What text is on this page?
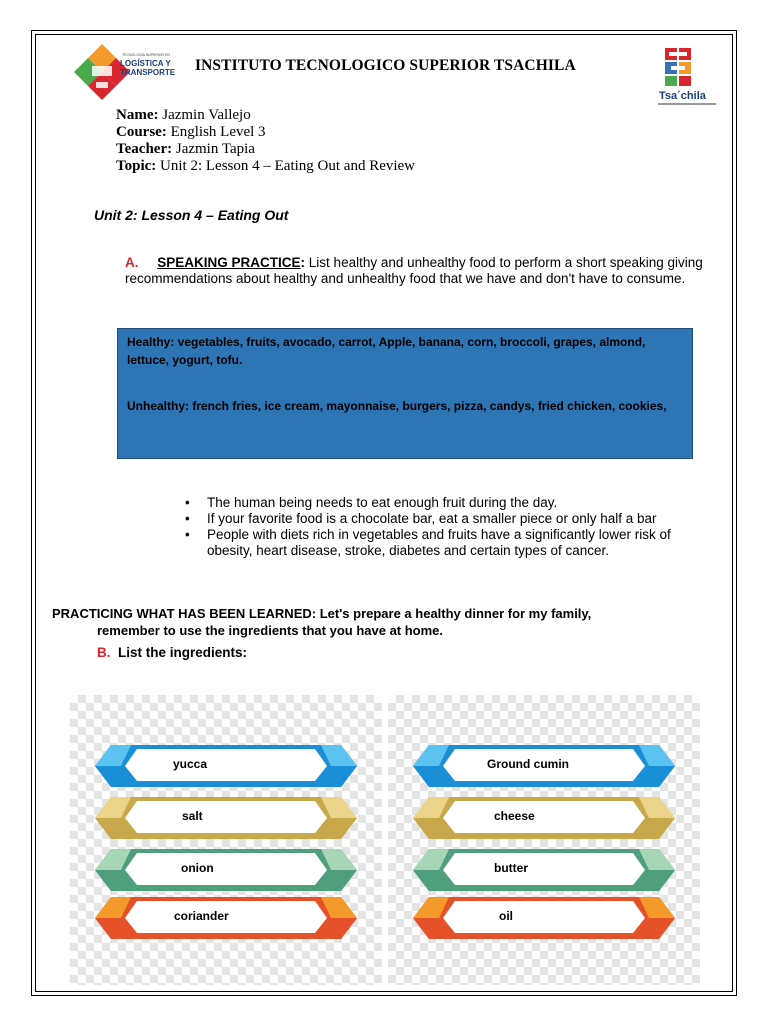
TECNOLOGÍA SUPERIOR EN
LOGÍSTICA Y
TRANSPORTE INSTITUTO TECNOLOGICO SUPERIOR TSACHILA
Tsa´chila
Name: Jazmin Vallejo
Course: English Level 3
Teacher: Jazmin Tapia
Topic: Unit 2: Lesson 4 – Eating Out and Review
Unit 2: Lesson 4 – Eating Out
A. SPEAKING PRACTICE: List healthy and unhealthy food to perform a short speaking giving recommendations about healthy and unhealthy food that we have and don't have to consume.

Healthy: vegetables, fruits, avocado, carrot, Apple, banana, corn, broccoli, grapes, almond, lettuce, yogurt, tofu.

Unhealthy: french fries, ice cream, mayonnaise, burgers, pizza, candys, fried chicken, cookies,

• The human being needs to eat enough fruit during the day.
• If your favorite food is a chocolate bar, eat a smaller piece or only half a bar
• People with diets rich in vegetables and fruits have a significantly lower risk of obesity, heart disease, stroke, diabetes and certain types of cancer.
PRACTICING WHAT HAS BEEN LEARNED: Let's prepare a healthy dinner for my family,
remember to use the ingredients that you have at home.
B. List the ingredients:
yucca
salt
onion
coriander
Ground cumin
cheese
butter
oil
